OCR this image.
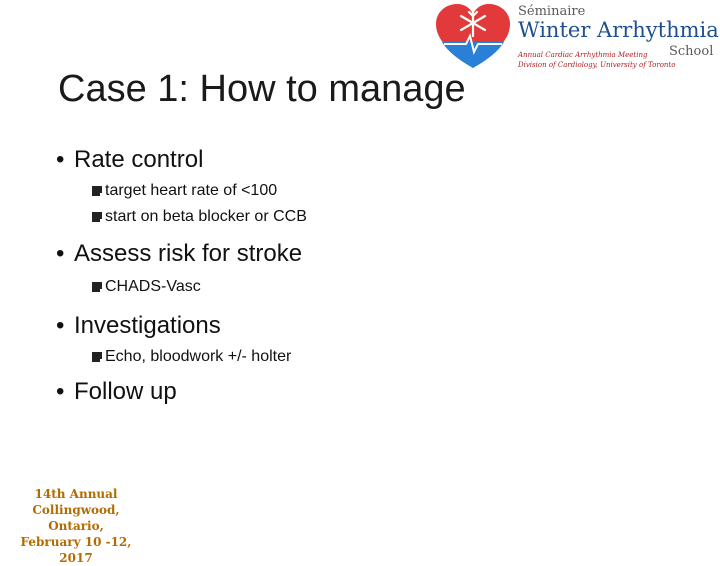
Séminaire
Winter Arrhythmia
School
Annual Cardiac Arrhythmia Meeting
Division of Cardiology, University of Toronto
Case 1: How to manage
• Rate control
target heart rate of <100
start on beta blocker or CCB
• Assess risk for stroke
CHADS-Vasc
• Investigations
Echo, bloodwork +/- holter
• Follow up
14th Annual
Collingwood, Ontario,
February 10 -12, 2017
